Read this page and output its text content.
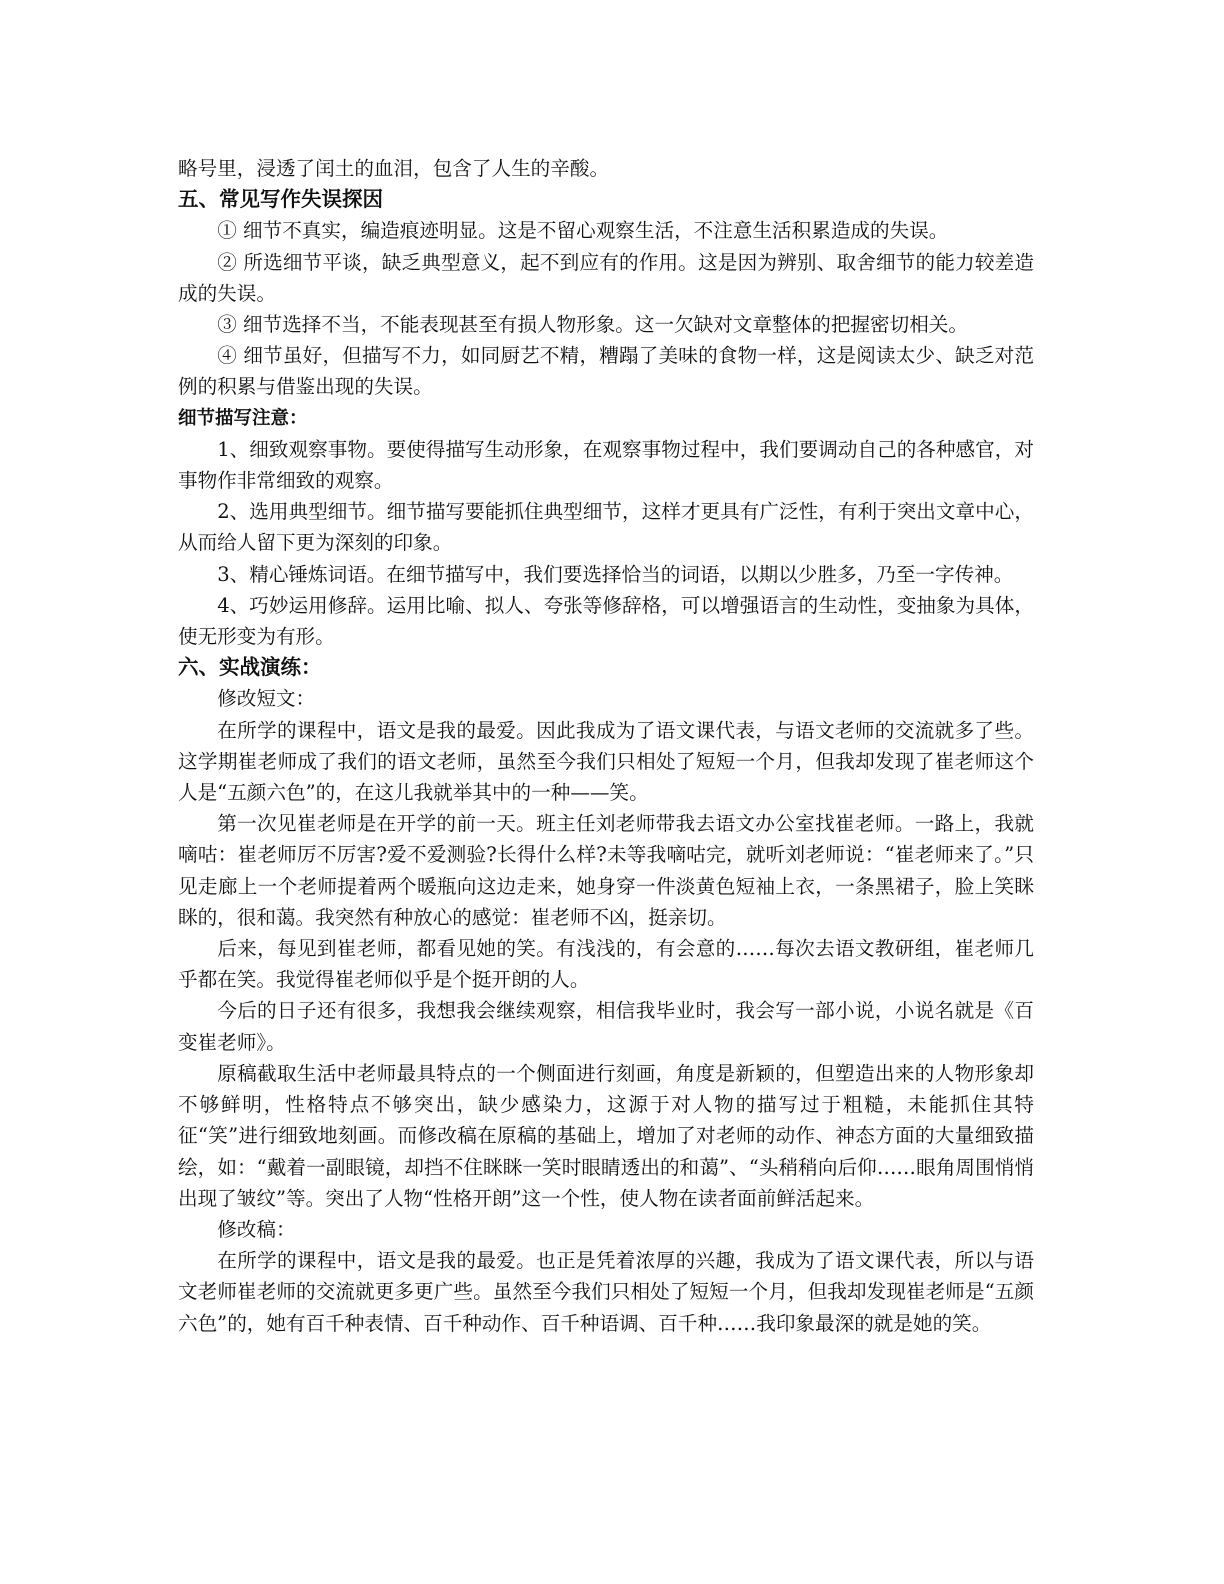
略号里，浸透了闰土的血泪，包含了人生的辛酸。

五、常见写作失误探因

① 细节不真实，编造痕迹明显。这是不留心观察生活，不注意生活积累造成的失误。

② 所选细节平谈，缺乏典型意义，起不到应有的作用。这是因为辨别、取舍细节的能力较差造成的失误。

③ 细节选择不当，不能表现甚至有损人物形象。这一欠缺对文章整体的把握密切相关。

④ 细节虽好，但描写不力，如同厨艺不精，糟蹋了美味的食物一样，这是阅读太少、缺乏对范例的积累与借鉴出现的失误。

细节描写注意：

1、细致观察事物。要使得描写生动形象，在观察事物过程中，我们要调动自己的各种感官，对事物作非常细致的观察。

2、选用典型细节。细节描写要能抓住典型细节，这样才更具有广泛性，有利于突出文章中心，从而给人留下更为深刻的印象。

3、精心锤炼词语。在细节描写中，我们要选择恰当的词语，以期以少胜多，乃至一字传神。

4、巧妙运用修辞。运用比喻、拟人、夸张等修辞格，可以增强语言的生动性，变抽象为具体，使无形变为有形。

六、实战演练：

修改短文：

在所学的课程中，语文是我的最爱。因此我成为了语文课代表，与语文老师的交流就多了些。这学期崔老师成了我们的语文老师，虽然至今我们只相处了短短一个月，但我却发现了崔老师这个人是“五颜六色”的，在这儿我就举其中的一种——笑。

第一次见崔老师是在开学的前一天。班主任刘老师带我去语文办公室找崔老师。一路上，我就嘀咕：崔老师厉不厉害?爱不爱测验?长得什么样?未等我嘀咕完，就听刘老师说：“崔老师来了。”只见走廊上一个老师提着两个暖瓶向这边走来，她身穿一件淡黄色短袖上衣，一条黑裙子，脸上笑眯眯的，很和蔼。我突然有种放心的感觉：崔老师不凶，挺亲切。

后来，每见到崔老师，都看见她的笑。有浅浅的，有会意的……每次去语文教研组，崔老师几乎都在笑。我觉得崔老师似乎是个挺开朗的人。

今后的日子还有很多，我想我会继续观察，相信我毕业时，我会写一部小说，小说名就是《百变崔老师》。

原稿截取生活中老师最具特点的一个侧面进行刻画，角度是新颖的，但塑造出来的人物形象却不够鲜明，性格特点不够突出，缺少感染力，这源于对人物的描写过于粗糙，未能抓住其特征“笑”进行细致地刻画。而修改稿在原稿的基础上，增加了对老师的动作、神态方面的大量细致描绘，如：“戴着一副眼镜，却挡不住眯眯一笑时眼睛透出的和蔼”、“头稍稍向后仰……眼角周围悄悄出现了皱纹”等。突出了人物“性格开朗”这一个性，使人物在读者面前鲜活起来。

修改稿：

在所学的课程中，语文是我的最爱。也正是凭着浓厚的兴趣，我成为了语文课代表，所以与语文老师崔老师的交流就更多更广些。虽然至今我们只相处了短短一个月，但我却发现崔老师是“五颜六色”的，她有百千种表情、百千种动作、百千种语调、百千种……我印象最深的就是她的笑。
